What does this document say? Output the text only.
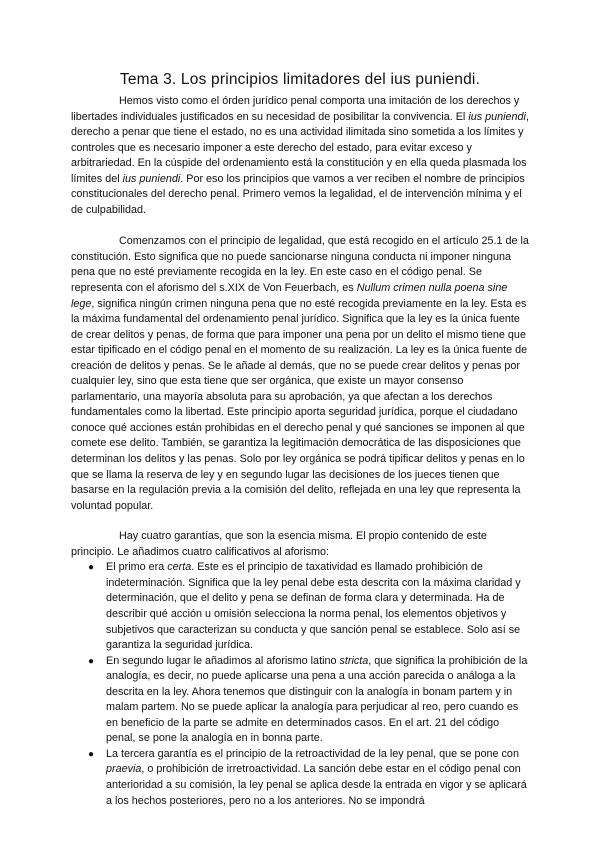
Tema 3. Los principios limitadores del ius puniendi.

Hemos visto como el órden jurídico penal comporta una imitación de los derechos y libertades individuales justificados en su necesidad de posibilitar la convivencia. El ius puniendi, derecho a penar que tiene el estado, no es una actividad ilimitada sino sometida a los límites y controles que es necesario imponer a este derecho del estado, para evitar exceso y arbitrariedad. En la cúspide del ordenamiento está la constitución y en ella queda plasmada los límites del ius puniendi. Por eso los principios que vamos a ver reciben el nombre de principios constitucionales del derecho penal. Primero vemos la legalidad, el de intervención mínima y el de culpabilidad.

Comenzamos con el principio de legalidad, que está recogido en el artículo 25.1 de la constitución. Esto significa que no puede sancionarse ninguna conducta ni imponer ninguna pena que no esté previamente recogida en la ley. En este caso en el código penal. Se representa con el aforismo del s.XIX de Von Feuerbach, es Nullum crimen nulla poena sine lege, significa ningún crimen ninguna pena que no esté recogida previamente en la ley. Esta es la máxima fundamental del ordenamiento penal jurídico. Significa que la ley es la única fuente de crear delitos y penas, de forma que para imponer una pena por un delito el mismo tiene que estar tipificado en el código penal en el momento de su realización. La ley es la única fuente de creación de delitos y penas. Se le añade al demás, que no se puede crear delitos y penas por cualquier ley, sino que esta tiene que ser orgánica, que existe un mayor consenso parlamentario, una mayoría absoluta para su aprobación, ya que afectan a los derechos fundamentales como la libertad. Este principio aporta seguridad jurídica, porque el ciudadano conoce qué acciones están prohibidas en el derecho penal y qué sanciones se imponen al que comete ese delito. También, se garantiza la legitimación democrática de las disposiciones que determinan los delitos y las penas. Solo por ley orgánica se podrá tipificar delitos y penas en lo que se llama la reserva de ley y en segundo lugar las decisiones de los jueces tienen que basarse en la regulación previa a la comisión del delito, reflejada en una ley que representa la voluntad popular.

Hay cuatro garantías, que son la esencia misma. El propio contenido de este principio. Le añadimos cuatro calificativos al aforismo:

● El primo era certa. Este es el principio de taxatividad es llamado prohibición de indeterminación. Significa que la ley penal debe esta descrita con la máxima claridad y determinación, que el delito y pena se definan de forma clara y determinada. Ha de describir qué acción u omisión selecciona la norma penal, los elementos objetivos y subjetivos que caracterizan su conducta y que sanción penal se establece. Solo así se garantiza la seguridad jurídica.
● En segundo lugar le añadimos al aforismo latino stricta, que significa la prohibición de la analogía, es decir, no puede aplicarse una pena a una acción parecida o análoga a la descrita en la ley. Ahora tenemos que distinguir con la analogía in bonam partem y in malam partem. No se puede aplicar la analogía para perjudicar al reo, pero cuando es en beneficio de la parte se admite en determinados casos. En el art. 21 del código penal, se pone la analogía en in bonna parte.
● La tercera garantía es el principio de la retroactividad de la ley penal, que se pone con praevia, o prohibición de irretroactividad. La sanción debe estar en el código penal con anterioridad a su comisión, la ley penal se aplica desde la entrada en vigor y se aplicará a los hechos posteriores, pero no a los anteriores. No se impondrá
